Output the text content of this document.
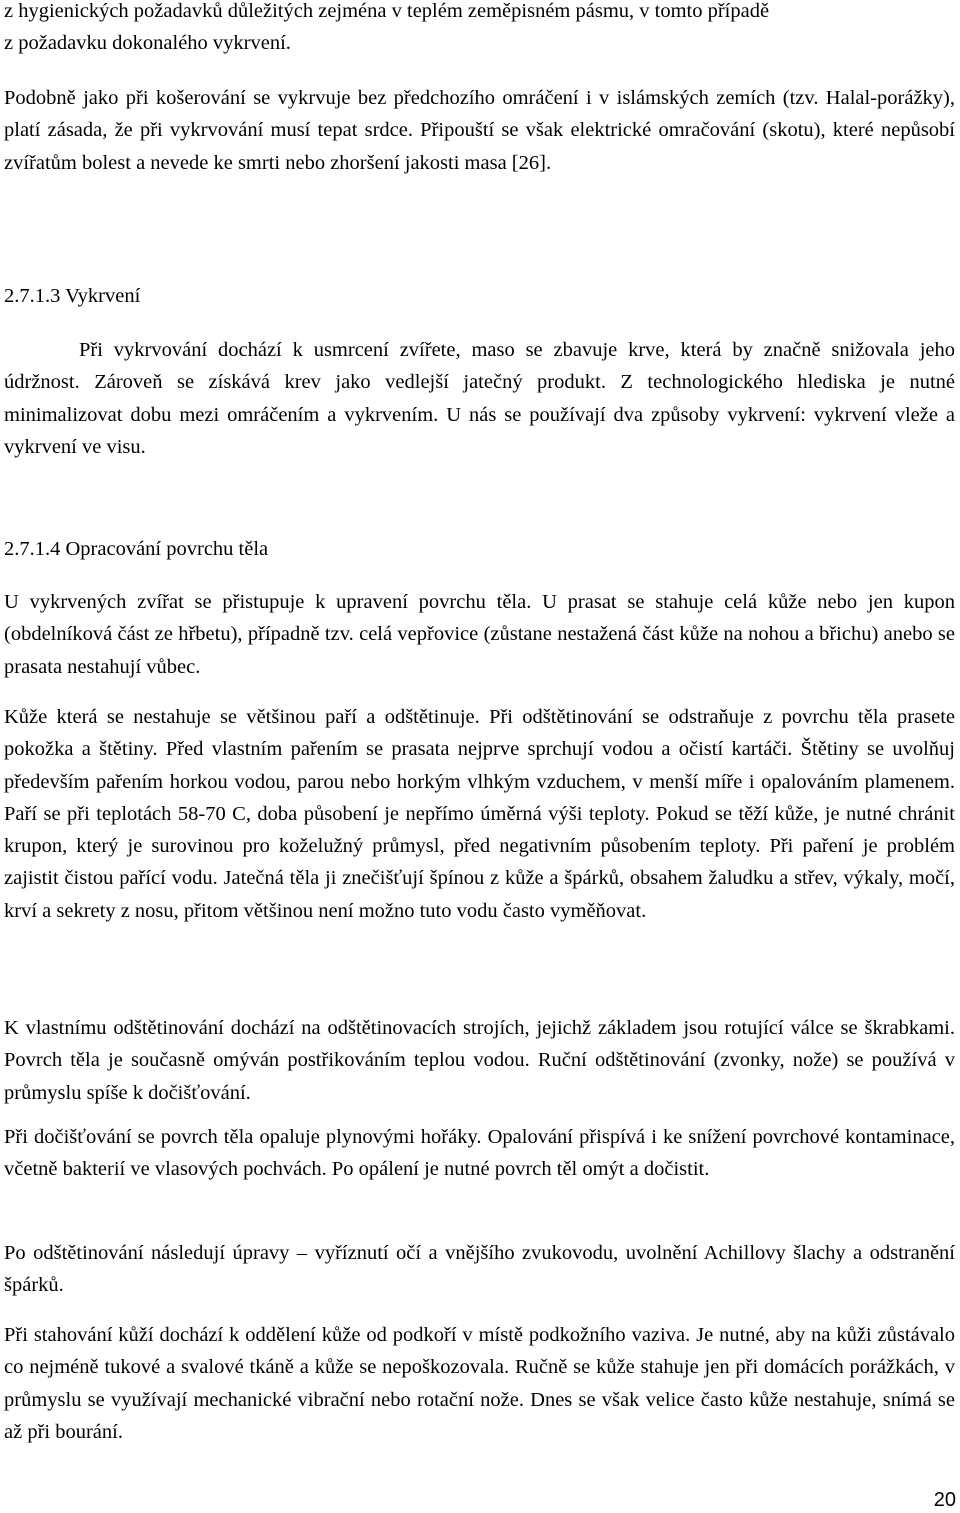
z hygienických požadavků důležitých zejména v teplém zeměpisném pásmu, v tomto případě
z požadavku dokonalého vykrvení.

Podobně jako při košerování se vykrvuje bez předchozího omráčení i v islámských zemích (tzv. Halal-porážky), platí zásada, že při vykrvování musí tepat srdce. Připouští se však elektrické omračování (skotu), které nepůsobí zvířatům bolest a nevede ke smrti nebo zhoršení jakosti masa [26].

2.7.1.3 Vykrvení

Při vykrvování dochází k usmrcení zvířete, maso se zbavuje krve, která by značně snižovala jeho údržnost. Zároveň se získává krev jako vedlejší jatečný produkt. Z technologického hlediska je nutné minimalizovat dobu mezi omráčením a vykrvením. U nás se používají dva způsoby vykrvení: vykrvení vleže a vykrvení ve visu.

2.7.1.4 Opracování povrchu těla

U vykrvených zvířat se přistupuje k upravení povrchu těla. U prasat se stahuje celá kůže nebo jen kupon (obdelníková část ze hřbetu), případně tzv. celá vepřovice (zůstane nestažená část kůže na nohou a břichu) anebo se prasata nestahují vůbec.

Kůže která se nestahuje se většinou paří a odštětinuje. Při odštětinování se odstraňuje z povrchu těla prasete pokožka a štětiny. Před vlastním pařením se prasata nejprve sprchují vodou a očistí kartáči. Štětiny se uvolňuj především pařením horkou vodou, parou nebo horkým vlhkým vzduchem, v menší míře i opalováním plamenem. Paří se při teplotách 58-70 C, doba působení je nepřímo úměrná výši teploty. Pokud se těží kůže, je nutné chránit krupon, který je surovinou pro koželužný průmysl, před negativním působením teploty. Při paření je problém zajistit čistou pařící vodu. Jatečná těla ji znečišťují špínou z kůže a špárků, obsahem žaludku a střev, výkaly, močí, krví a sekrety z nosu, přitom většinou není možno tuto vodu často vyměňovat.

K vlastnímu odštětinování dochází na odštětinovacích strojích, jejichž základem jsou rotující válce se škrabkami. Povrch těla je současně omýván postřikováním teplou vodou. Ruční odštětinování (zvonky, nože) se používá v průmyslu spíše k dočišťování.

Při dočišťování se povrch těla opaluje plynovými hořáky. Opalování přispívá i ke snížení povrchové kontaminace, včetně bakterií ve vlasových pochvách. Po opálení je nutné povrch těl omýt a dočistit.

Po odštětinování následují úpravy – vyříznutí očí a vnějšího zvukovodu, uvolnění Achillovy šlachy a odstranění špárků.

Při stahování kůží dochází k oddělení kůže od podkoří v místě podkožního vaziva. Je nutné, aby na kůži zůstávalo co nejméně tukové a svalové tkáně a kůže se nepoškozovala. Ručně se kůže stahuje jen při domácích porážkách, v průmyslu se využívají mechanické vibrační nebo rotační nože. Dnes se však velice často kůže nestahuje, snímá se až při bourání.

20
